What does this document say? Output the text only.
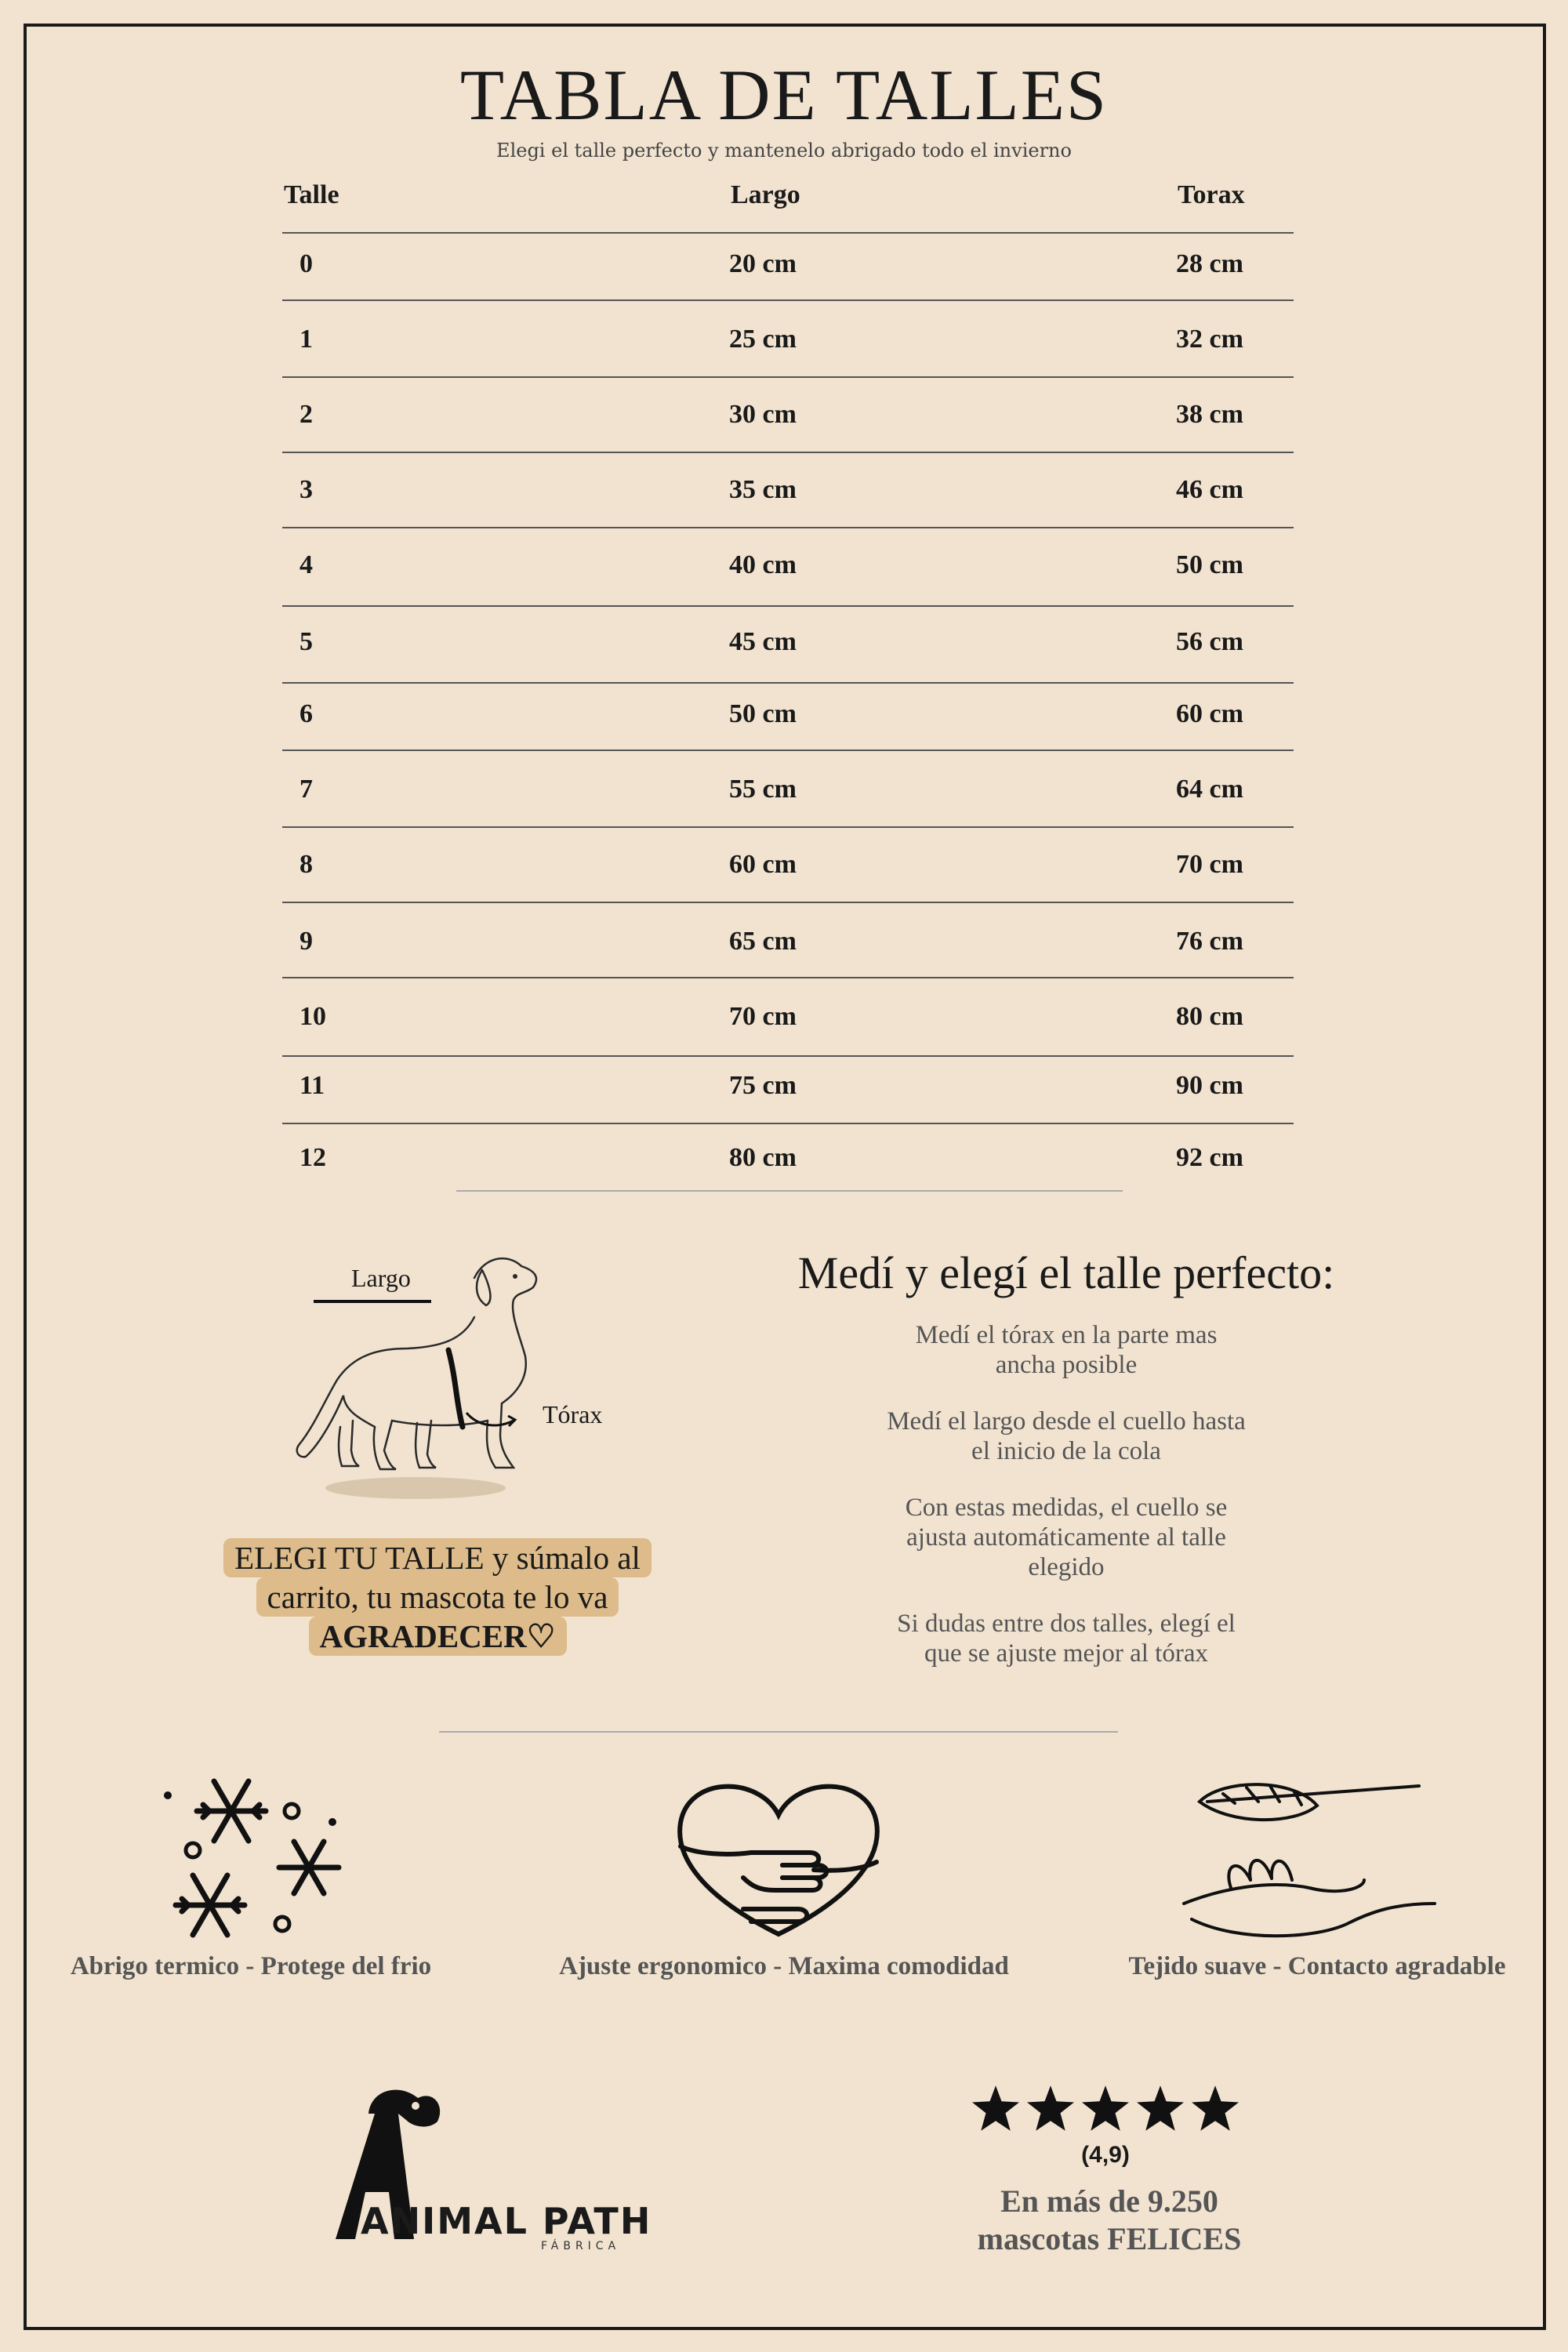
TABLA DE TALLES
Elegi el talle perfecto y mantenelo abrigado todo el invierno
Talle	Largo	Torax
0	20 cm	28 cm
1	25 cm	32 cm
2	30 cm	38 cm
3	35 cm	46 cm
4	40 cm	50 cm
5	45 cm	56 cm
6	50 cm	60 cm
7	55 cm	64 cm
8	60 cm	70 cm
9	65 cm	76 cm
10	70 cm	80 cm
11	75 cm	90 cm
12	80 cm	92 cm
Largo
Tórax
ELEGI TU TALLE y súmalo al
carrito, tu mascota te lo va
AGRADECER♡
Medí y elegí el talle perfecto:
Medí el tórax en la parte mas
ancha posible
Medí el largo desde el cuello hasta
el inicio de la cola
Con estas medidas, el cuello se
ajusta automáticamente al talle
elegido
Si dudas entre dos talles, elegí el
que se ajuste mejor al tórax
Abrigo termico - Protege del frio	Ajuste ergonomico - Maxima comodidad	Tejido suave - Contacto agradable
ANIMAL PATH
FÁBRICA
(4,9)
En más de 9.250
mascotas FELICES
